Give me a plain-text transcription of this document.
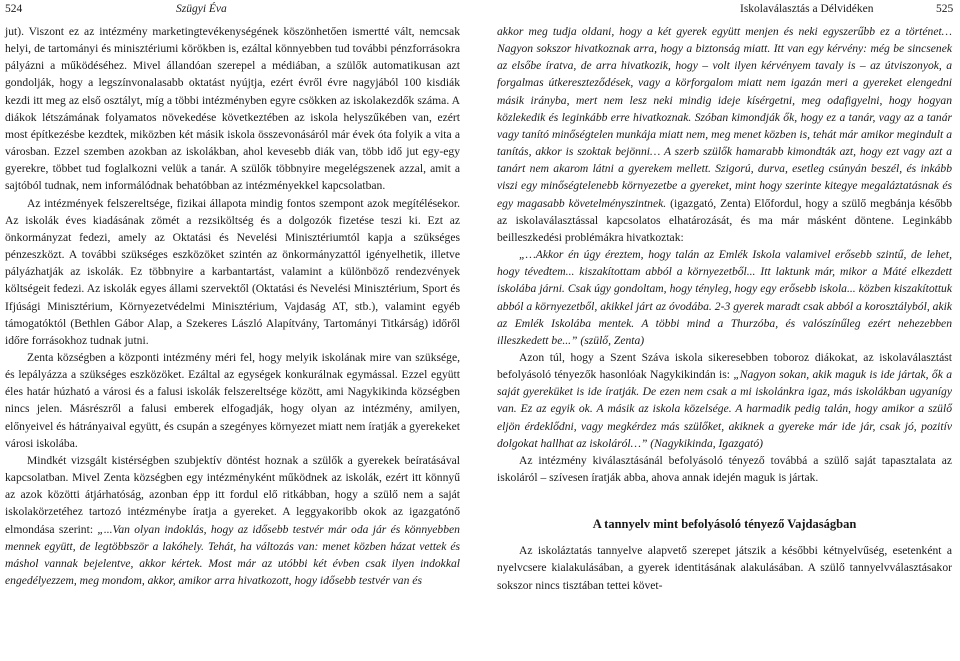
524	Szügyi Éva	Iskolaválasztás a Délvidéken	525

jut). Viszont ez az intézmény marketingtevékenységének köszönhetően ismertté vált, nemcsak helyi, de tartományi és minisztériumi körökben is, ezáltal könnyebben tud további pénzforrásokra pályázni a működéséhez. Mivel állandóan szerepel a médiában, a szülők automatikusan azt gondolják, hogy a legszínvonalasabb oktatást nyújtja, ezért évről évre nagyjából 100 kisdiák kezdi itt meg az első osztályt, míg a többi intézményben egyre csökken az iskolakezdők száma. A diákok létszámának folyamatos növekedése következtében az iskola helyszűkében van, ezért most építkezésbe kezdtek, miközben két másik iskola összevonásáról már évek óta folyik a vita a városban. Ezzel szemben azokban az iskolákban, ahol kevesebb diák van, több idő jut egy-egy gyerekre, többet tud foglalkozni velük a tanár. A szülők többnyire megelégszenek azzal, amit a sajtóból tudnak, nem informálódnak behatóbban az intézményekkel kapcsolatban.

Az intézmények felszereltsége, fizikai állapota mindig fontos szempont azok megítélésekor. Az iskolák éves kiadásának zömét a rezsiköltség és a dolgozók fizetése teszi ki. Ezt az önkormányzat fedezi, amely az Oktatási és Nevelési Minisztériumtól kapja a szükséges pénzeszközt. A további szükséges eszközöket szintén az önkormányzattól igényelhetik, illetve pályázhatják az iskolák. Ez többnyire a karbantartást, valamint a különböző rendezvények költségeit fedezi. Az iskolák egyes állami szervektől (Oktatási és Nevelési Minisztérium, Sport és Ifjúsági Minisztérium, Környezetvédelmi Minisztérium, Vajdaság AT, stb.), valamint egyéb támogatóktól (Bethlen Gábor Alap, a Szekeres László Alapítvány, Tartományi Titkárság) időről időre forrásokhoz tudnak jutni.

Zenta községben a központi intézmény méri fel, hogy melyik iskolának mire van szüksége, és lepályázza a szükséges eszközöket. Ezáltal az egységek konkurálnak egymással. Ezzel együtt éles határ húzható a városi és a falusi iskolák felszereltsége között, ami Nagykikinda községben nincs jelen. Másrészről a falusi emberek elfogadják, hogy olyan az intézmény, amilyen, előnyeivel és hátrányaival együtt, és csupán a szegényes környezet miatt nem íratják a gyerekeket városi iskolába.

Mindkét vizsgált kistérségben szubjektív döntést hoznak a szülők a gyerekek beíratásával kapcsolatban. Mivel Zenta községben egy intézményként működnek az iskolák, ezért itt könnyű az azok közötti átjárhatóság, azonban épp itt fordul elő ritkábban, hogy a szülő nem a saját iskolakörzetéhez tartozó intézménybe íratja a gyereket. A leggyakoribb okok az igazgatónő elmondása szerint: „...Van olyan indoklás, hogy az idősebb testvér már oda jár és könnyebben mennek együtt, de legtöbbször a lakóhely. Tehát, ha változás van: menet közben házat vettek és máshol vannak bejelentve, akkor kértek. Most már az utóbbi két évben csak ilyen indokkal engedélyezzem, meg mondom, akkor, amikor arra hivatkozott, hogy idősebb testvér van és

akkor meg tudja oldani, hogy a két gyerek együtt menjen és neki egyszerűbb ez a történet… Nagyon sokszor hivatkoznak arra, hogy a biztonság miatt. Itt van egy kérvény: még be sincsenek az elsőbe íratva, de arra hivatkozik, hogy – volt ilyen kérvényem tavaly is – az útviszonyok, a forgalmas útkereszteződések, vagy a körforgalom miatt nem igazán meri a gyereket elengedni másik irányba, mert nem lesz neki mindig ideje kísérgetni, meg odafigyelni, hogy hogyan közlekedik és leginkább erre hivatkoznak. Szóban kimondják ők, hogy ez a tanár, vagy az a tanár vagy tanító minőségtelen munkája miatt nem, meg menet közben is, tehát már amikor megindult a tanítás, akkor is szoktak bejönni… A szerb szülők hamarabb kimondták azt, hogy ezt vagy azt a tanárt nem akarom látni a gyerekem mellett. Szigorú, durva, esetleg csúnyán beszél, és inkább viszi egy minőségtelenebb környezetbe a gyereket, mint hogy szerinte kitegye megaláztatásnak és egy magasabb követelményszintnek. (igazgató, Zenta) Előfordul, hogy a szülő megbánja később az iskolaválasztással kapcsolatos elhatározását, és ma már másként döntene. Leginkább beilleszkedési problémákra hivatkoztak:

„…Akkor én úgy éreztem, hogy talán az Emlék Iskola valamivel erősebb szintű, de lehet, hogy tévedtem... kiszakítottam abból a környezetből... Itt laktunk már, mikor a Máté elkezdett iskolába járni. Csak úgy gondoltam, hogy tényleg, hogy egy erősebb iskola... közben kiszakítottuk abból a környezetből, akikkel járt az óvodába. 2-3 gyerek maradt csak abból a korosztályból, akik az Emlék Iskolába mentek. A többi mind a Thurzóba, és valószínűleg ezért nehezebben illeszkedett be...” (szülő, Zenta)

Azon túl, hogy a Szent Száva iskola sikeresebben toboroz diákokat, az iskolaválasztást befolyásoló tényezők hasonlóak Nagykikindán is: „Nagyon sokan, akik maguk is ide jártak, ők a saját gyereküket is ide íratják. De ezen nem csak a mi iskolánkra igaz, más iskolákban ugyanígy van. Ez az egyik ok. A másik az iskola közelsége. A harmadik pedig talán, hogy amikor a szülő eljön érdeklődni, vagy megkérdez más szülőket, akiknek a gyereke már ide jár, csak jó, pozitív dolgokat hallhat az iskoláról…” (Nagykikinda, Igazgató)

Az intézmény kiválasztásánál befolyásoló tényező továbbá a szülő saját tapasztalata az iskoláról – szívesen íratják abba, ahova annak idején maguk is jártak.

A tannyelv mint befolyásoló tényező Vajdaságban

Az iskoláztatás tannyelve alapvető szerepet játszik a későbbi kétnyelvűség, esetenként a nyelvcsere kialakulásában, a gyerek identitásának alakulásában. A szülő tannyelvválasztásakor sokszor nincs tisztában tettei követ-
